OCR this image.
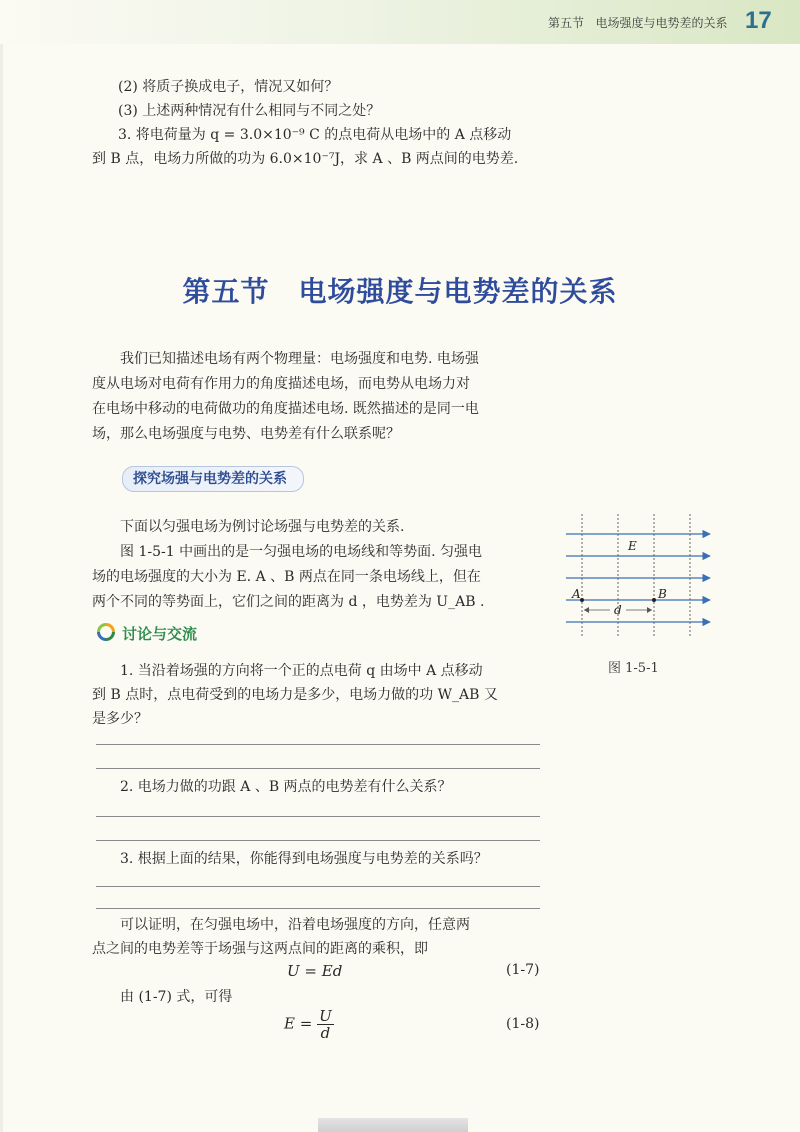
第五节 电场强度与电势差的关系 17
(2) 将质子换成电子，情况又如何？
(3) 上述两种情况有什么相同与不同之处？
3. 将电荷量为 q = 3.0×10⁻⁹ C 的点电荷从电场中的 A 点移动
到 B 点，电场力所做的功为 6.0×10⁻⁷J，求 A 、B 两点间的电势差.
第五节　电场强度与电势差的关系
我们已知描述电场有两个物理量：电场强度和电势. 电场强
度从电场对电荷有作用力的角度描述电场，而电势从电场力对
在电场中移动的电荷做功的角度描述电场. 既然描述的是同一电
场，那么电场强度与电势、电势差有什么联系呢？
探究场强与电势差的关系
下面以匀强电场为例讨论场强与电势差的关系.
图 1-5-1 中画出的是一匀强电场的电场线和等势面. 匀强电
场的电场强度的大小为 E. A 、B 两点在同一条电场线上，但在
两个不同的等势面上，它们之间的距离为 d ，电势差为 U_AB .
E
A	B
d
图 1-5-1
讨论与交流
1. 当沿着场强的方向将一个正的点电荷 q 由场中 A 点移动
到 B 点时，点电荷受到的电场力是多少，电场力做的功 W_AB 又
是多少？
2. 电场力做的功跟 A 、B 两点的电势差有什么关系？
3. 根据上面的结果，你能得到电场强度与电势差的关系吗？
可以证明，在匀强电场中，沿着电场强度的方向，任意两
点之间的电势差等于场强与这两点间的距离的乘积，即
U = Ed	(1-7)
由 (1-7) 式，可得
$E = \frac{U}{d}$	(1-8)
